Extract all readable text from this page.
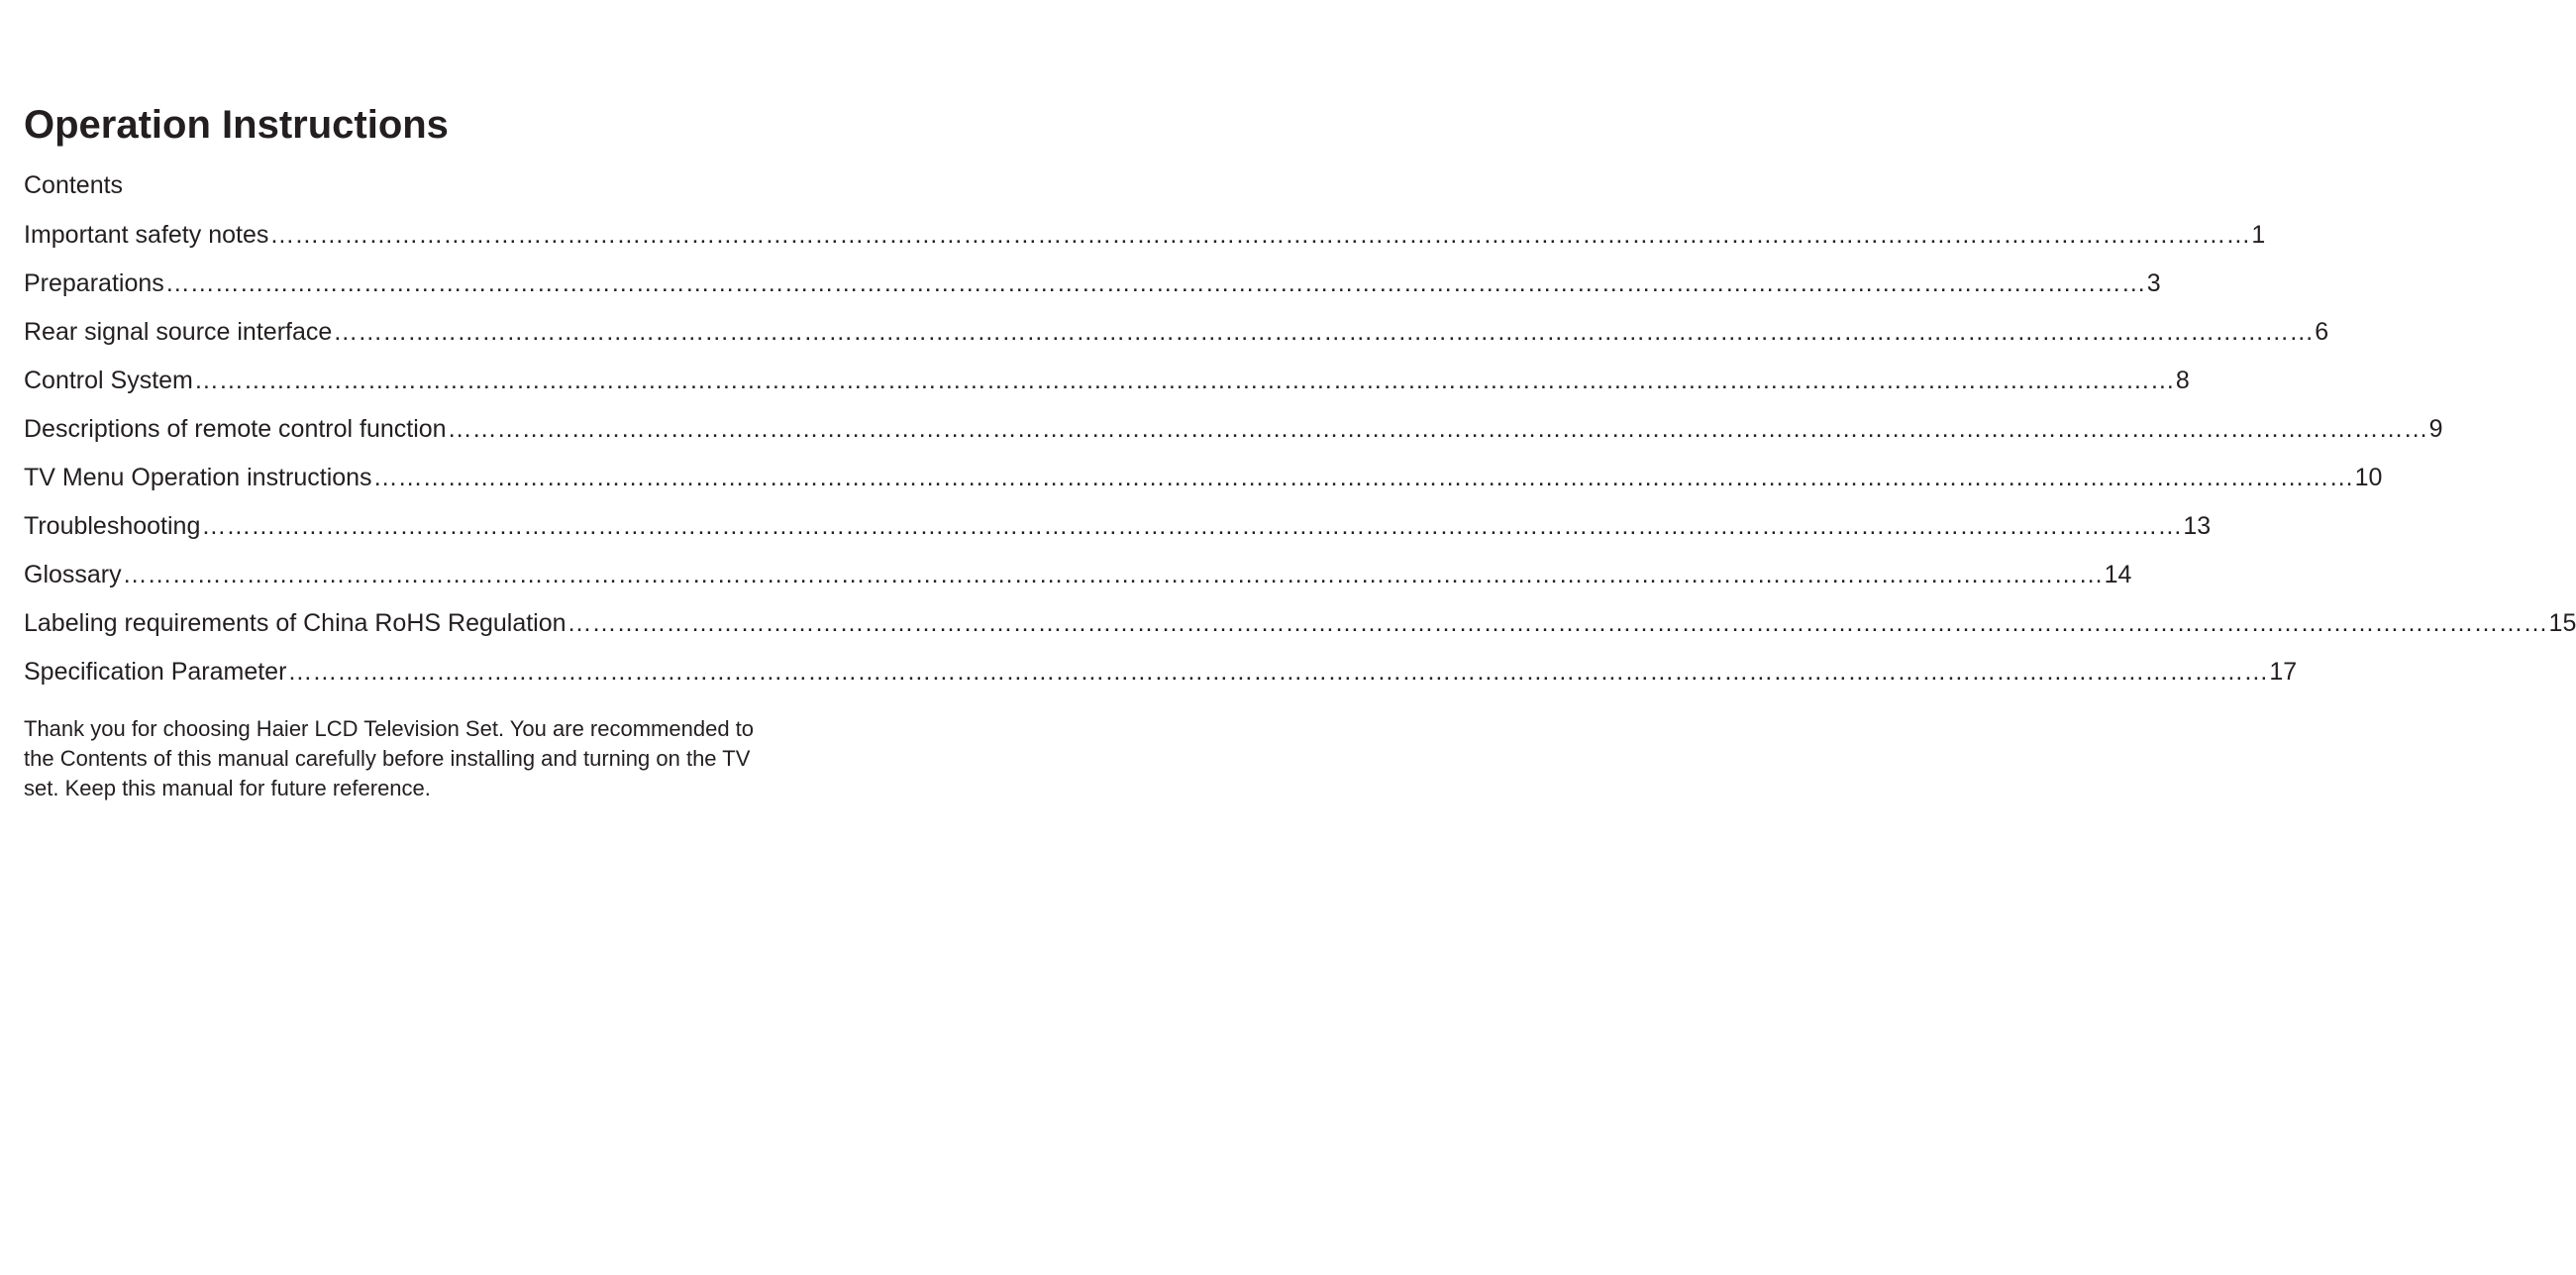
Operation Instructions
Contents
Important safety notes …………………………………………………………………………………………………………………………………………………………………………………………………………………… 1
Preparations …………………………………………………………………………………………………………………………………………………………………………………………………………………… 3
Rear signal source interface …………………………………………………………………………………………………………………………………………………………………………………………………………………… 6
Control System …………………………………………………………………………………………………………………………………………………………………………………………………………………… 8
Descriptions of remote control function …………………………………………………………………………………………………………………………………………………………………………………………………………………… 9
TV Menu Operation instructions …………………………………………………………………………………………………………………………………………………………………………………………………………………… 10
Troubleshooting …………………………………………………………………………………………………………………………………………………………………………………………………………………… 13
Glossary …………………………………………………………………………………………………………………………………………………………………………………………………………………… 14
Labeling requirements of China RoHS Regulation …………………………………………………………………………………………………………………………………………………………………………………………………………………… 15
Specification Parameter …………………………………………………………………………………………………………………………………………………………………………………………………………………… 17

Thank you for choosing Haier LCD Television Set. You are recommended to the Contents of this manual carefully before installing and turning on the TV set. Keep this manual for future reference.
